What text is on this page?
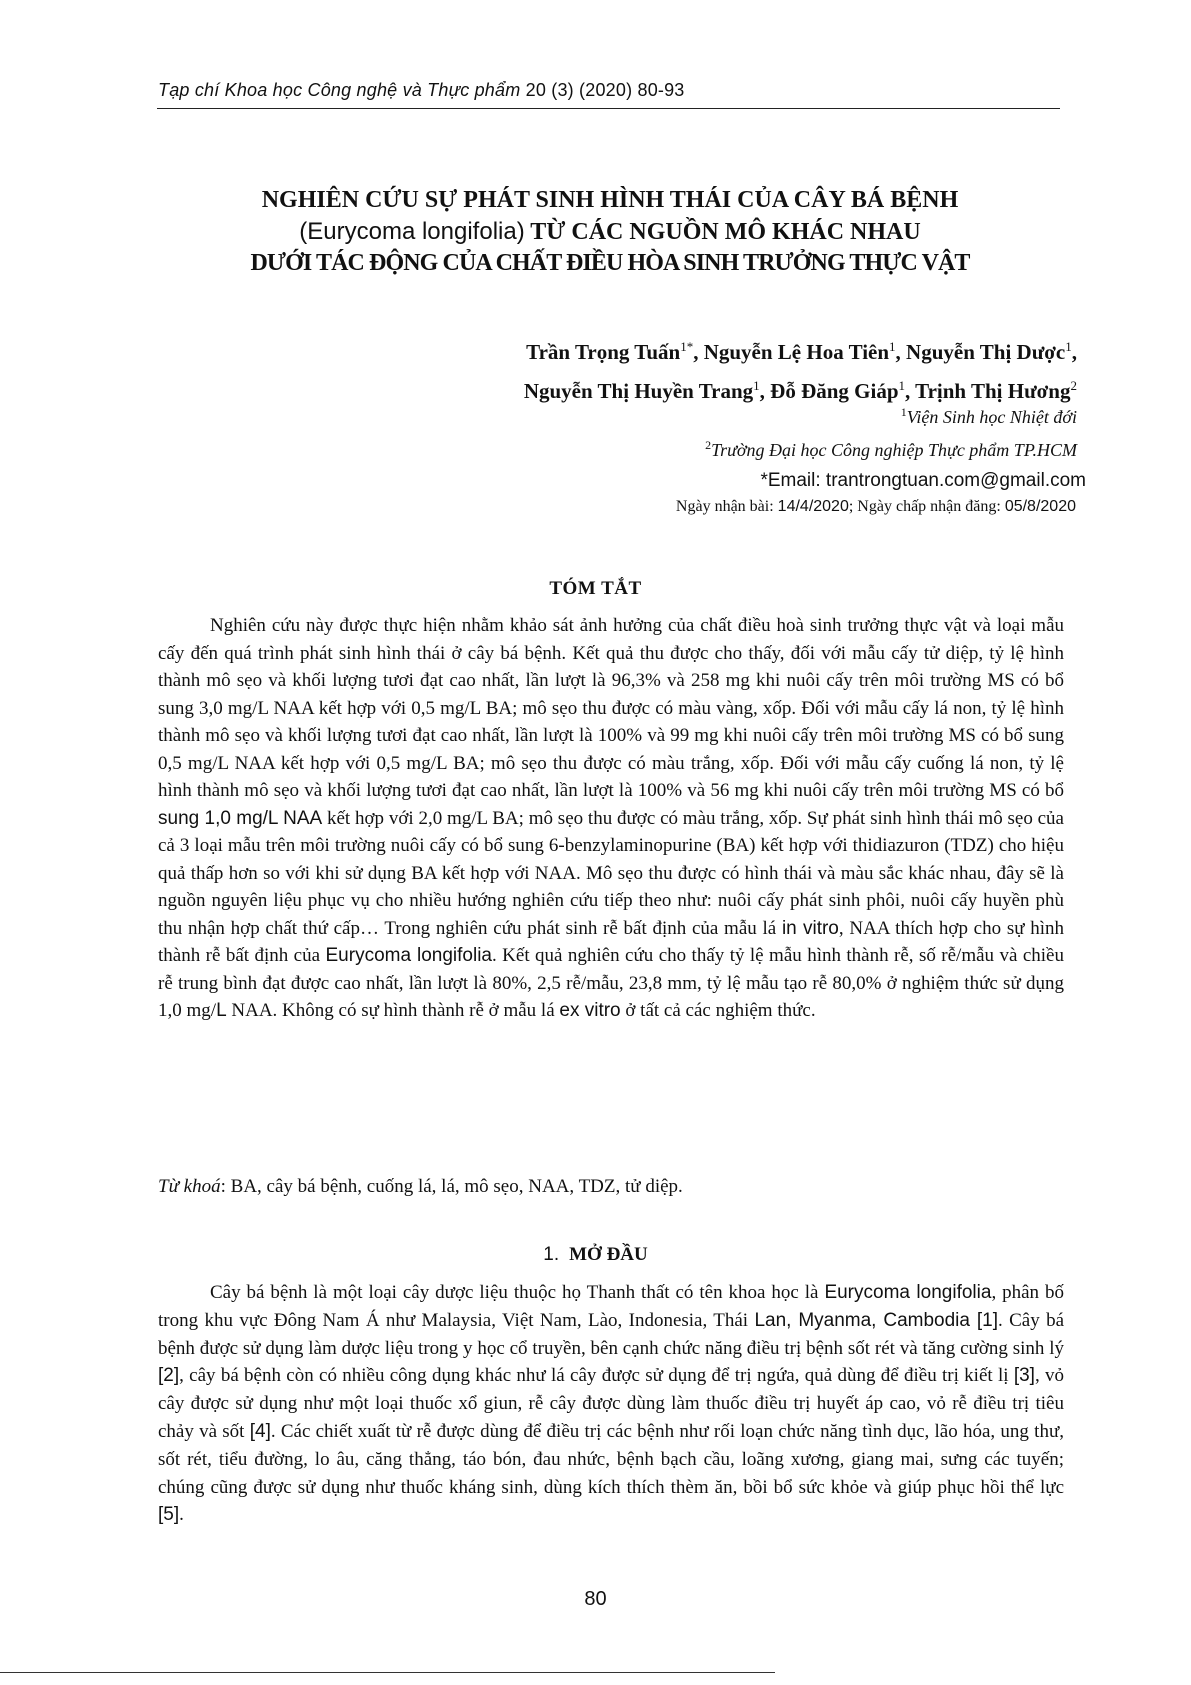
Tạp chí Khoa học Công nghệ và Thực phẩm 20 (3) (2020) 80-93
NGHIÊN CỨU SỰ PHÁT SINH HÌNH THÁI CỦA CÂY BÁ BỆNH
(Eurycoma longifolia) TỪ CÁC NGUỒN MÔ KHÁC NHAU
DƯỚI TÁC ĐỘNG CỦA CHẤT ĐIỀU HÒA SINH TRƯỞNG THỰC VẬT
Trần Trọng Tuấn$^{1*}$, Nguyễn Lệ Hoa Tiên$^1$, Nguyễn Thị Dược$^1$,
Nguyễn Thị Huyền Trang$^1$, Đỗ Đăng Giáp$^1$, Trịnh Thị Hương$^2$
$^1$Viện Sinh học Nhiệt đới
$^2$Trường Đại học Công nghiệp Thực phẩm TP.HCM
*Email: trantrongtuan.com@gmail.com
Ngày nhận bài: 14/4/2020; Ngày chấp nhận đăng: 05/8/2020
TÓM TẮT

Nghiên cứu này được thực hiện nhằm khảo sát ảnh hưởng của chất điều hoà sinh trưởng thực vật và loại mẫu cấy đến quá trình phát sinh hình thái ở cây bá bệnh. Kết quả thu được cho thấy, đối với mẫu cấy tử diệp, tỷ lệ hình thành mô sẹo và khối lượng tươi đạt cao nhất, lần lượt là 96,3% và 258 mg khi nuôi cấy trên môi trường MS có bổ sung 3,0 mg/L NAA kết hợp với 0,5 mg/L BA; mô sẹo thu được có màu vàng, xốp. Đối với mẫu cấy lá non, tỷ lệ hình thành mô sẹo và khối lượng tươi đạt cao nhất, lần lượt là 100% và 99 mg khi nuôi cấy trên môi trường MS có bổ sung 0,5 mg/L NAA kết hợp với 0,5 mg/L BA; mô sẹo thu được có màu trắng, xốp. Đối với mẫu cấy cuống lá non, tỷ lệ hình thành mô sẹo và khối lượng tươi đạt cao nhất, lần lượt là 100% và 56 mg khi nuôi cấy trên môi trường MS có bổ sung 1,0 mg/L NAA kết hợp với 2,0 mg/L BA; mô sẹo thu được có màu trắng, xốp. Sự phát sinh hình thái mô sẹo của cả 3 loại mẫu trên môi trường nuôi cấy có bổ sung 6-benzylaminopurine (BA) kết hợp với thidiazuron (TDZ) cho hiệu quả thấp hơn so với khi sử dụng BA kết hợp với NAA. Mô sẹo thu được có hình thái và màu sắc khác nhau, đây sẽ là nguồn nguyên liệu phục vụ cho nhiều hướng nghiên cứu tiếp theo như: nuôi cấy phát sinh phôi, nuôi cấy huyền phù thu nhận hợp chất thứ cấp… Trong nghiên cứu phát sinh rễ bất định của mẫu lá in vitro, NAA thích hợp cho sự hình thành rễ bất định của Eurycoma longifolia. Kết quả nghiên cứu cho thấy tỷ lệ mẫu hình thành rễ, số rễ/mẫu và chiều rễ trung bình đạt được cao nhất, lần lượt là 80%, 2,5 rễ/mẫu, 23,8 mm, tỷ lệ mẫu tạo rễ 80,0% ở nghiệm thức sử dụng 1,0 mg/L NAA. Không có sự hình thành rễ ở mẫu lá ex vitro ở tất cả các nghiệm thức.

Từ khoá: BA, cây bá bệnh, cuống lá, lá, mô sẹo, NAA, TDZ, tử diệp.
1. MỞ ĐẦU

Cây bá bệnh là một loại cây dược liệu thuộc họ Thanh thất có tên khoa học là Eurycoma longifolia, phân bố trong khu vực Đông Nam Á như Malaysia, Việt Nam, Lào, Indonesia, Thái Lan, Myanma, Cambodia [1]. Cây bá bệnh được sử dụng làm dược liệu trong y học cổ truyền, bên cạnh chức năng điều trị bệnh sốt rét và tăng cường sinh lý [2], cây bá bệnh còn có nhiều công dụng khác như lá cây được sử dụng để trị ngứa, quả dùng để điều trị kiết lị [3], vỏ cây được sử dụng như một loại thuốc xổ giun, rễ cây được dùng làm thuốc điều trị huyết áp cao, vỏ rễ điều trị tiêu chảy và sốt [4]. Các chiết xuất từ rễ được dùng để điều trị các bệnh như rối loạn chức năng tình dục, lão hóa, ung thư, sốt rét, tiểu đường, lo âu, căng thẳng, táo bón, đau nhức, bệnh bạch cầu, loãng xương, giang mai, sưng các tuyến; chúng cũng được sử dụng như thuốc kháng sinh, dùng kích thích thèm ăn, bồi bổ sức khỏe và giúp phục hồi thể lực [5].

80
